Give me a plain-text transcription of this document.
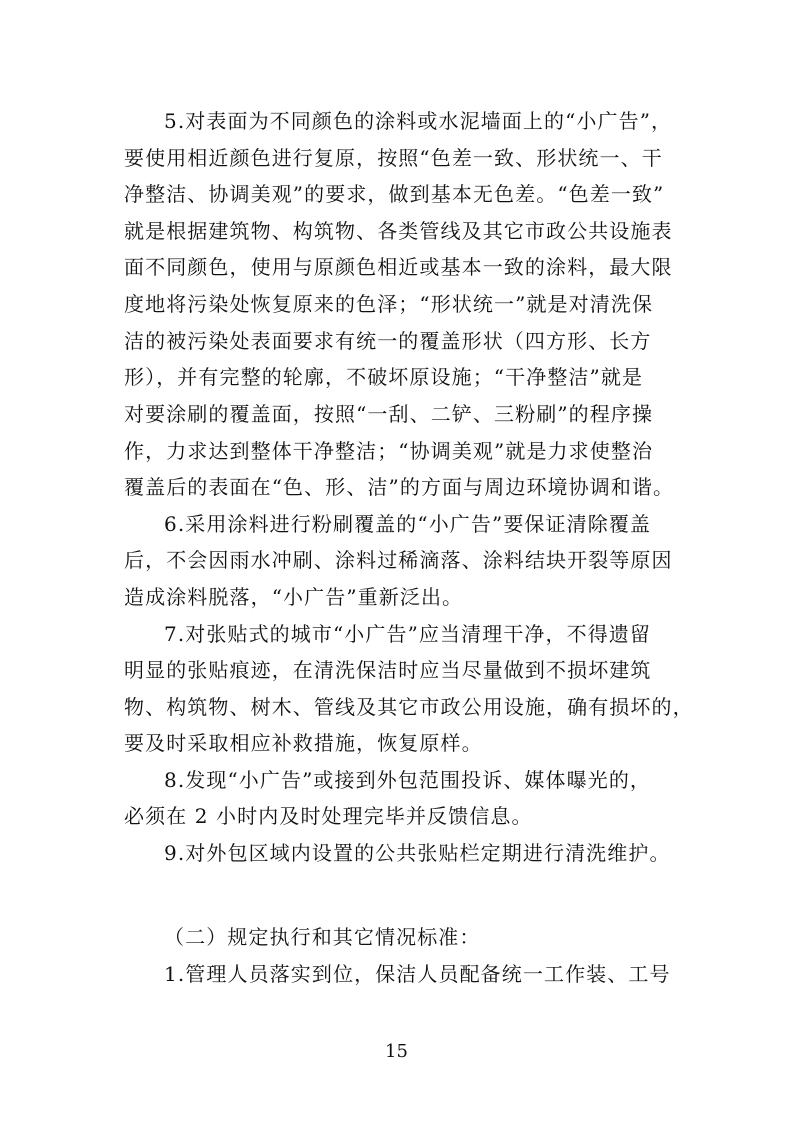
5.对表面为不同颜色的涂料或水泥墙面上的“小广告”，
要使用相近颜色进行复原，按照“色差一致、形状统一、干
净整洁、协调美观”的要求，做到基本无色差。“色差一致”
就是根据建筑物、构筑物、各类管线及其它市政公共设施表
面不同颜色，使用与原颜色相近或基本一致的涂料，最大限
度地将污染处恢复原来的色泽；“形状统一”就是对清洗保
洁的被污染处表面要求有统一的覆盖形状（四方形、长方
形），并有完整的轮廓，不破坏原设施；“干净整洁”就是
对要涂刷的覆盖面，按照“一刮、二铲、三粉刷”的程序操
作，力求达到整体干净整洁；“协调美观”就是力求使整治
覆盖后的表面在“色、形、洁”的方面与周边环境协调和谐。
6.采用涂料进行粉刷覆盖的“小广告”要保证清除覆盖
后，不会因雨水冲刷、涂料过稀滴落、涂料结块开裂等原因
造成涂料脱落，“小广告”重新泛出。
7.对张贴式的城市“小广告”应当清理干净，不得遗留
明显的张贴痕迹，在清洗保洁时应当尽量做到不损坏建筑
物、构筑物、树木、管线及其它市政公用设施，确有损坏的，
要及时采取相应补救措施，恢复原样。
8.发现“小广告”或接到外包范围投诉、媒体曝光的，
必须在 2 小时内及时处理完毕并反馈信息。
9.对外包区域内设置的公共张贴栏定期进行清洗维护。
（二）规定执行和其它情况标准：
1.管理人员落实到位，保洁人员配备统一工作装、工号
15
